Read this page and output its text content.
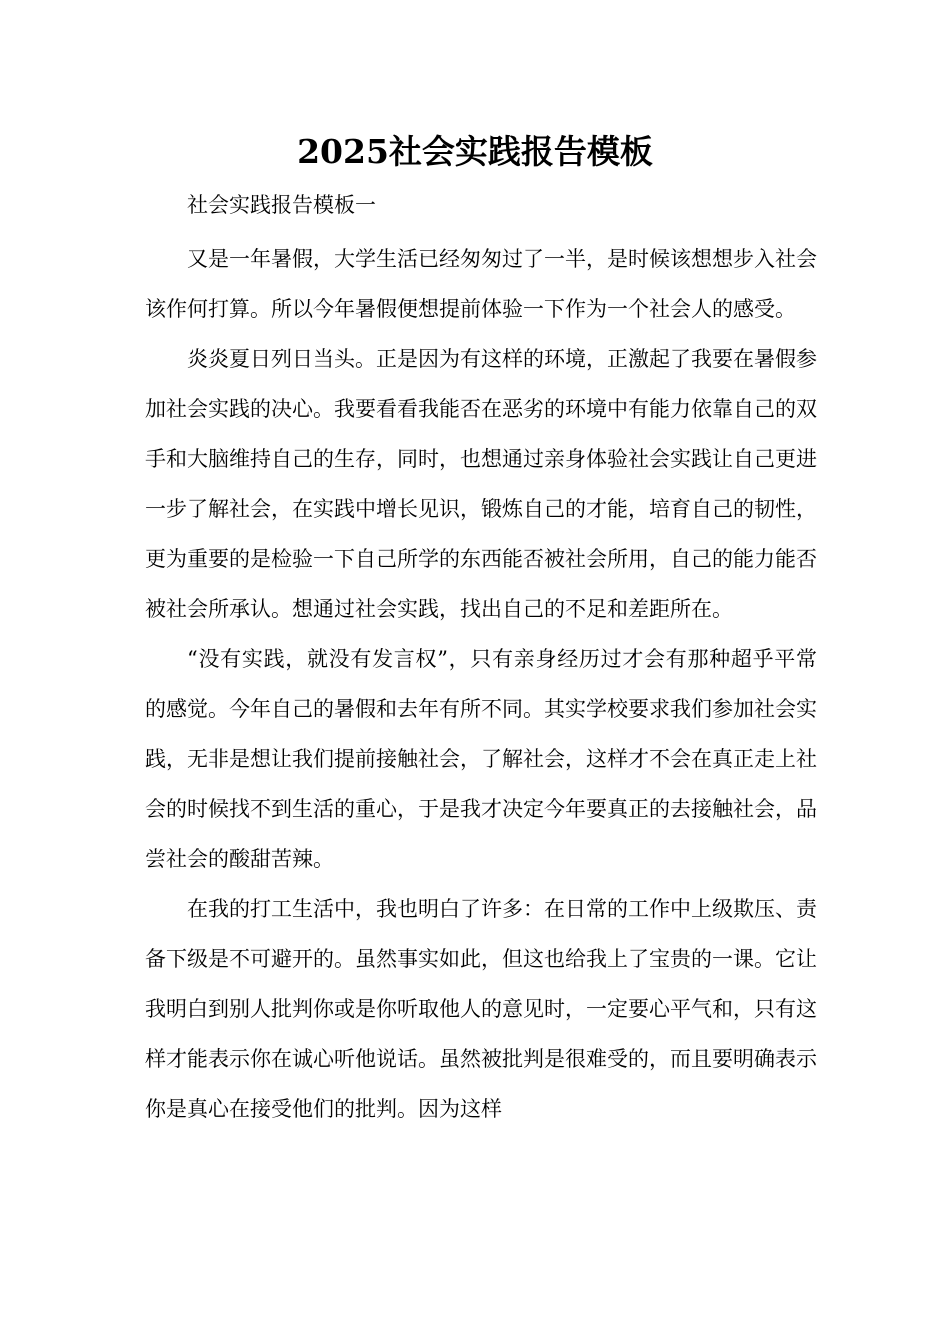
2025社会实践报告模板

社会实践报告模板一

又是一年暑假，大学生活已经匆匆过了一半，是时候该想想步入社会该作何打算。所以今年暑假便想提前体验一下作为一个社会人的感受。

炎炎夏日列日当头。正是因为有这样的环境，正激起了我要在暑假参加社会实践的决心。我要看看我能否在恶劣的环境中有能力依靠自己的双手和大脑维持自己的生存，同时，也想通过亲身体验社会实践让自己更进一步了解社会，在实践中增长见识，锻炼自己的才能，培育自己的韧性，更为重要的是检验一下自己所学的东西能否被社会所用，自己的能力能否被社会所承认。想通过社会实践，找出自己的不足和差距所在。

“没有实践，就没有发言权”，只有亲身经历过才会有那种超乎平常的感觉。今年自己的暑假和去年有所不同。其实学校要求我们参加社会实践，无非是想让我们提前接触社会，了解社会，这样才不会在真正走上社会的时候找不到生活的重心，于是我才决定今年要真正的去接触社会，品尝社会的酸甜苦辣。

在我的打工生活中，我也明白了许多：在日常的工作中上级欺压、责备下级是不可避开的。虽然事实如此，但这也给我上了宝贵的一课。它让我明白到别人批判你或是你听取他人的意见时，一定要心平气和，只有这样才能表示你在诚心听他说话。虽然被批判是很难受的，而且要明确表示你是真心在接受他们的批判。因为这样
